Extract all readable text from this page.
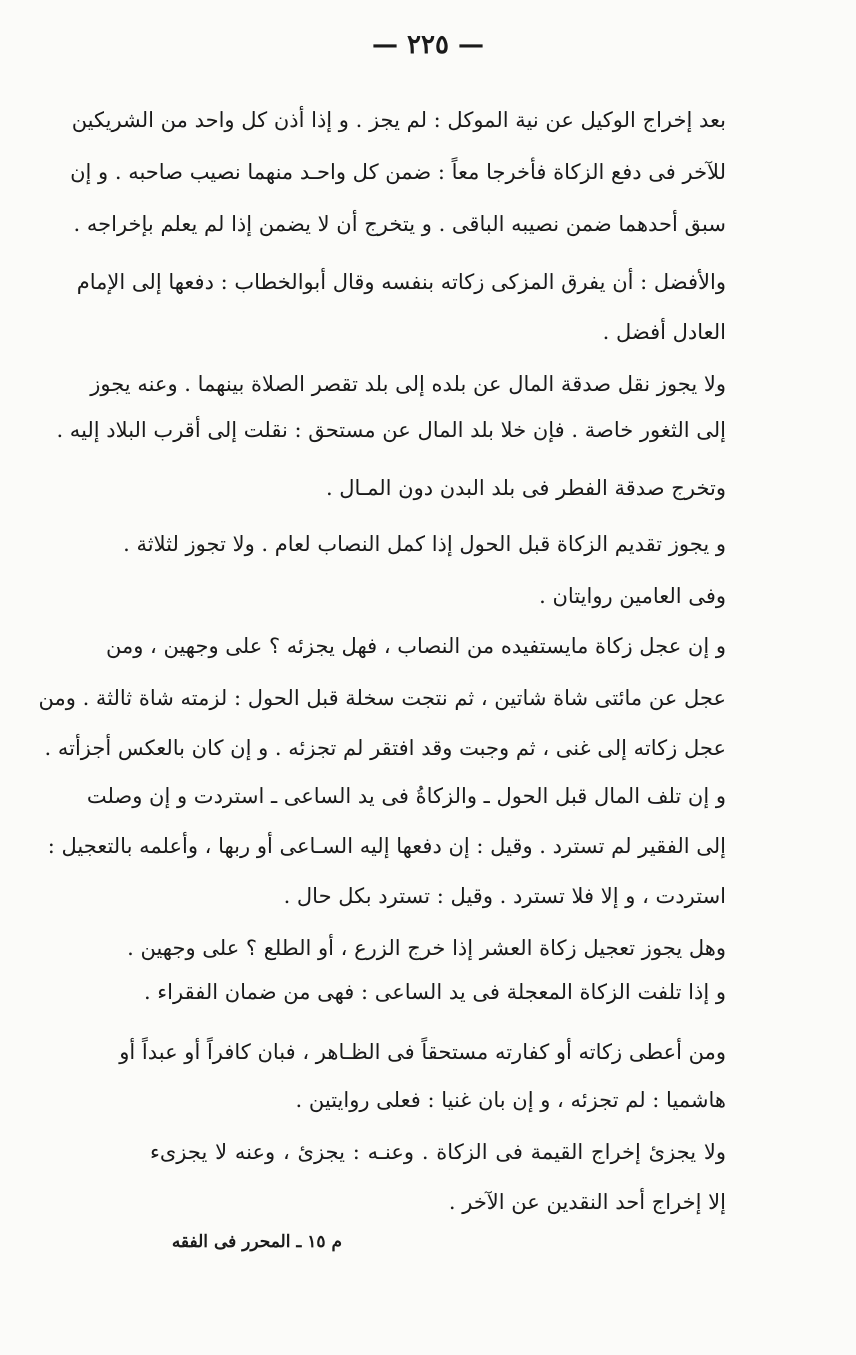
— ٢٢٥ —
بعد إخراج الوكيل عن نية الموكل : لم يجز . و إذا أذن كل واحد من الشريكين
للآخر فى دفع الزكاة فأخرجا معاً : ضمن كل واحـد منهما نصيب صاحبه . و إن
سبق أحدهما ضمن نصيبه الباقى . و يتخرج أن لا يضمن إذا لم يعلم بإخراجه .
والأفضل : أن يفرق المزكى زكاته بنفسه وقال أبوالخطاب : دفعها إلى الإمام
العادل أفضل .
ولا يجوز نقل صدقة المال عن بلده إلى بلد تقصر الصلاة بينهما . وعنه يجوز
إلى الثغور خاصة . فإن خلا بلد المال عن مستحق : نقلت إلى أقرب البلاد إليه .
وتخرج صدقة الفطر فى بلد البدن دون المـال .
و يجوز تقديم الزكاة قبل الحول إذا كمل النصاب لعام . ولا تجوز لثلاثة .
وفى العامين روايتان .
و إن عجل زكاة مايستفيده من النصاب ، فهل يجزئه ؟ على وجهين ، ومن
عجل عن مائتى شاة شاتين ، ثم نتجت سخلة قبل الحول : لزمته شاة ثالثة . ومن
عجل زكاته إلى غنى ، ثم وجبت وقد افتقر لم تجزئه . و إن كان بالعكس أجزأته .
و إن تلف المال قبل الحول ـ والزكاةُ فى يد الساعى ـ استردت و إن وصلت
إلى الفقير لم تسترد . وقيل : إن دفعها إليه السـاعى أو ربها ، وأعلمه بالتعجيل :
استردت ، و إلا فلا تسترد . وقيل : تسترد بكل حال .
وهل يجوز تعجيل زكاة العشر إذا خرج الزرع ، أو الطلع ؟ على وجهين .
و إذا تلفت الزكاة المعجلة فى يد الساعى : فهى من ضمان الفقراء .
ومن أعطى زكاته أو كفارته مستحقاً فى الظـاهر ، فبان كافراً أو عبداً أو
هاشميا : لم تجزئه ، و إن بان غنيا : فعلى روايتين .
ولا يجزئ إخراج القيمة فى الزكاة . وعنـه : يجزئ ، وعنه لا يجزىء
إلا إخراج أحد النقدين عن الآخر .
م ١٥ ـ المحرر فى الفقه
